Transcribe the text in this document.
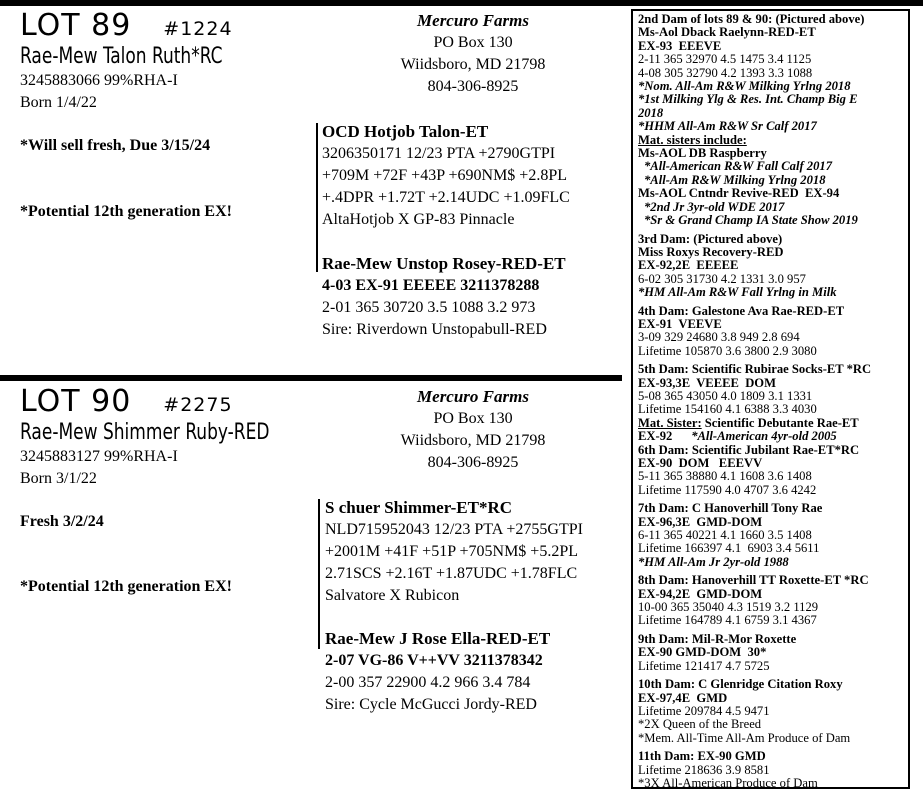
LOT 89 #1224
Rae-Mew Talon Ruth*RC
3245883066 99%RHA-I
Born 1/4/22
*Will sell fresh, Due 3/15/24
*Potential 12th generation EX!
Mercuro Farms
PO Box 130
Wiidsboro, MD 21798
804-306-8925
OCD Hotjob Talon-ET
3206350171 12/23 PTA +2790GTPI
+709M +72F +43P +690NM$ +2.8PL
+.4DPR +1.72T +2.14UDC +1.09FLC
AltaHotjob X GP-83 Pinnacle
Rae-Mew Unstop Rosey-RED-ET
4-03 EX-91 EEEEE 3211378288
2-01 365 30720 3.5 1088 3.2 973
Sire: Riverdown Unstopabull-RED
LOT 90 #2275
Rae-Mew Shimmer Ruby-RED
3245883127 99%RHA-I
Born 3/1/22
Fresh 3/2/24
*Potential 12th generation EX!
Mercuro Farms
PO Box 130
Wiidsboro, MD 21798
804-306-8925
S chuer Shimmer-ET*RC
NLD715952043 12/23 PTA +2755GTPI
+2001M +41F +51P +705NM$ +5.2PL
2.71SCS +2.16T +1.87UDC +1.78FLC
Salvatore X Rubicon
Rae-Mew J Rose Ella-RED-ET
2-07 VG-86 V++VV 3211378342
2-00 357 22900 4.2 966 3.4 784
Sire: Cycle McGucci Jordy-RED
2nd Dam of lots 89 & 90: (Pictured above)
Ms-Aol Dback Raelynn-RED-ET
EX-93  EEEVE
2-11 365 32970 4.5 1475 3.4 1125
4-08 305 32790 4.2 1393 3.3 1088
*Nom. All-Am R&W Milking Yrlng 2018
*1st Milking Ylg & Res. Int. Champ Big E
2018
*HHM All-Am R&W Sr Calf 2017
Mat. sisters include:
Ms-AOL DB Raspberry
*All-American R&W Fall Calf 2017
*All-Am R&W Milking Yrlng 2018
Ms-AOL Cntndr Revive-RED  EX-94
*2nd Jr 3yr-old WDE 2017
*Sr & Grand Champ IA State Show 2019
3rd Dam: (Pictured above)
Miss Roxys Recovery-RED
EX-92,2E  EEEEE
6-02 305 31730 4.2 1331 3.0 957
*HM All-Am R&W Fall Yrlng in Milk
4th Dam: Galestone Ava Rae-RED-ET
EX-91  VEEVE
3-09 329 24680 3.8 949 2.8 694
Lifetime 105870 3.6 3800 2.9 3080
5th Dam: Scientific Rubirae Socks-ET *RC
EX-93,3E  VEEEE  DOM
5-08 365 43050 4.0 1809 3.1 1331
Lifetime 154160 4.1 6388 3.3 4030
Mat. Sister: Scientific Debutante Rae-ET
EX-92      *All-American 4yr-old 2005
6th Dam: Scientific Jubilant Rae-ET*RC
EX-90  DOM   EEEVV
5-11 365 38880 4.1 1608 3.6 1408
Lifetime 117590 4.0 4707 3.6 4242
7th Dam: C Hanoverhill Tony Rae
EX-96,3E  GMD-DOM
6-11 365 40221 4.1 1660 3.5 1408
Lifetime 166397 4.1  6903 3.4 5611
*HM All-Am Jr 2yr-old 1988
8th Dam: Hanoverhill TT Roxette-ET *RC
EX-94,2E  GMD-DOM
10-00 365 35040 4.3 1519 3.2 1129
Lifetime 164789 4.1 6759 3.1 4367
9th Dam: Mil-R-Mor Roxette
EX-90 GMD-DOM  30*
Lifetime 121417 4.7 5725
10th Dam: C Glenridge Citation Roxy
EX-97,4E  GMD
Lifetime 209784 4.5 9471
*2X Queen of the Breed
*Mem. All-Time All-Am Produce of Dam
11th Dam: EX-90 GMD
Lifetime 218636 3.9 8581
*3X All-American Produce of Dam
